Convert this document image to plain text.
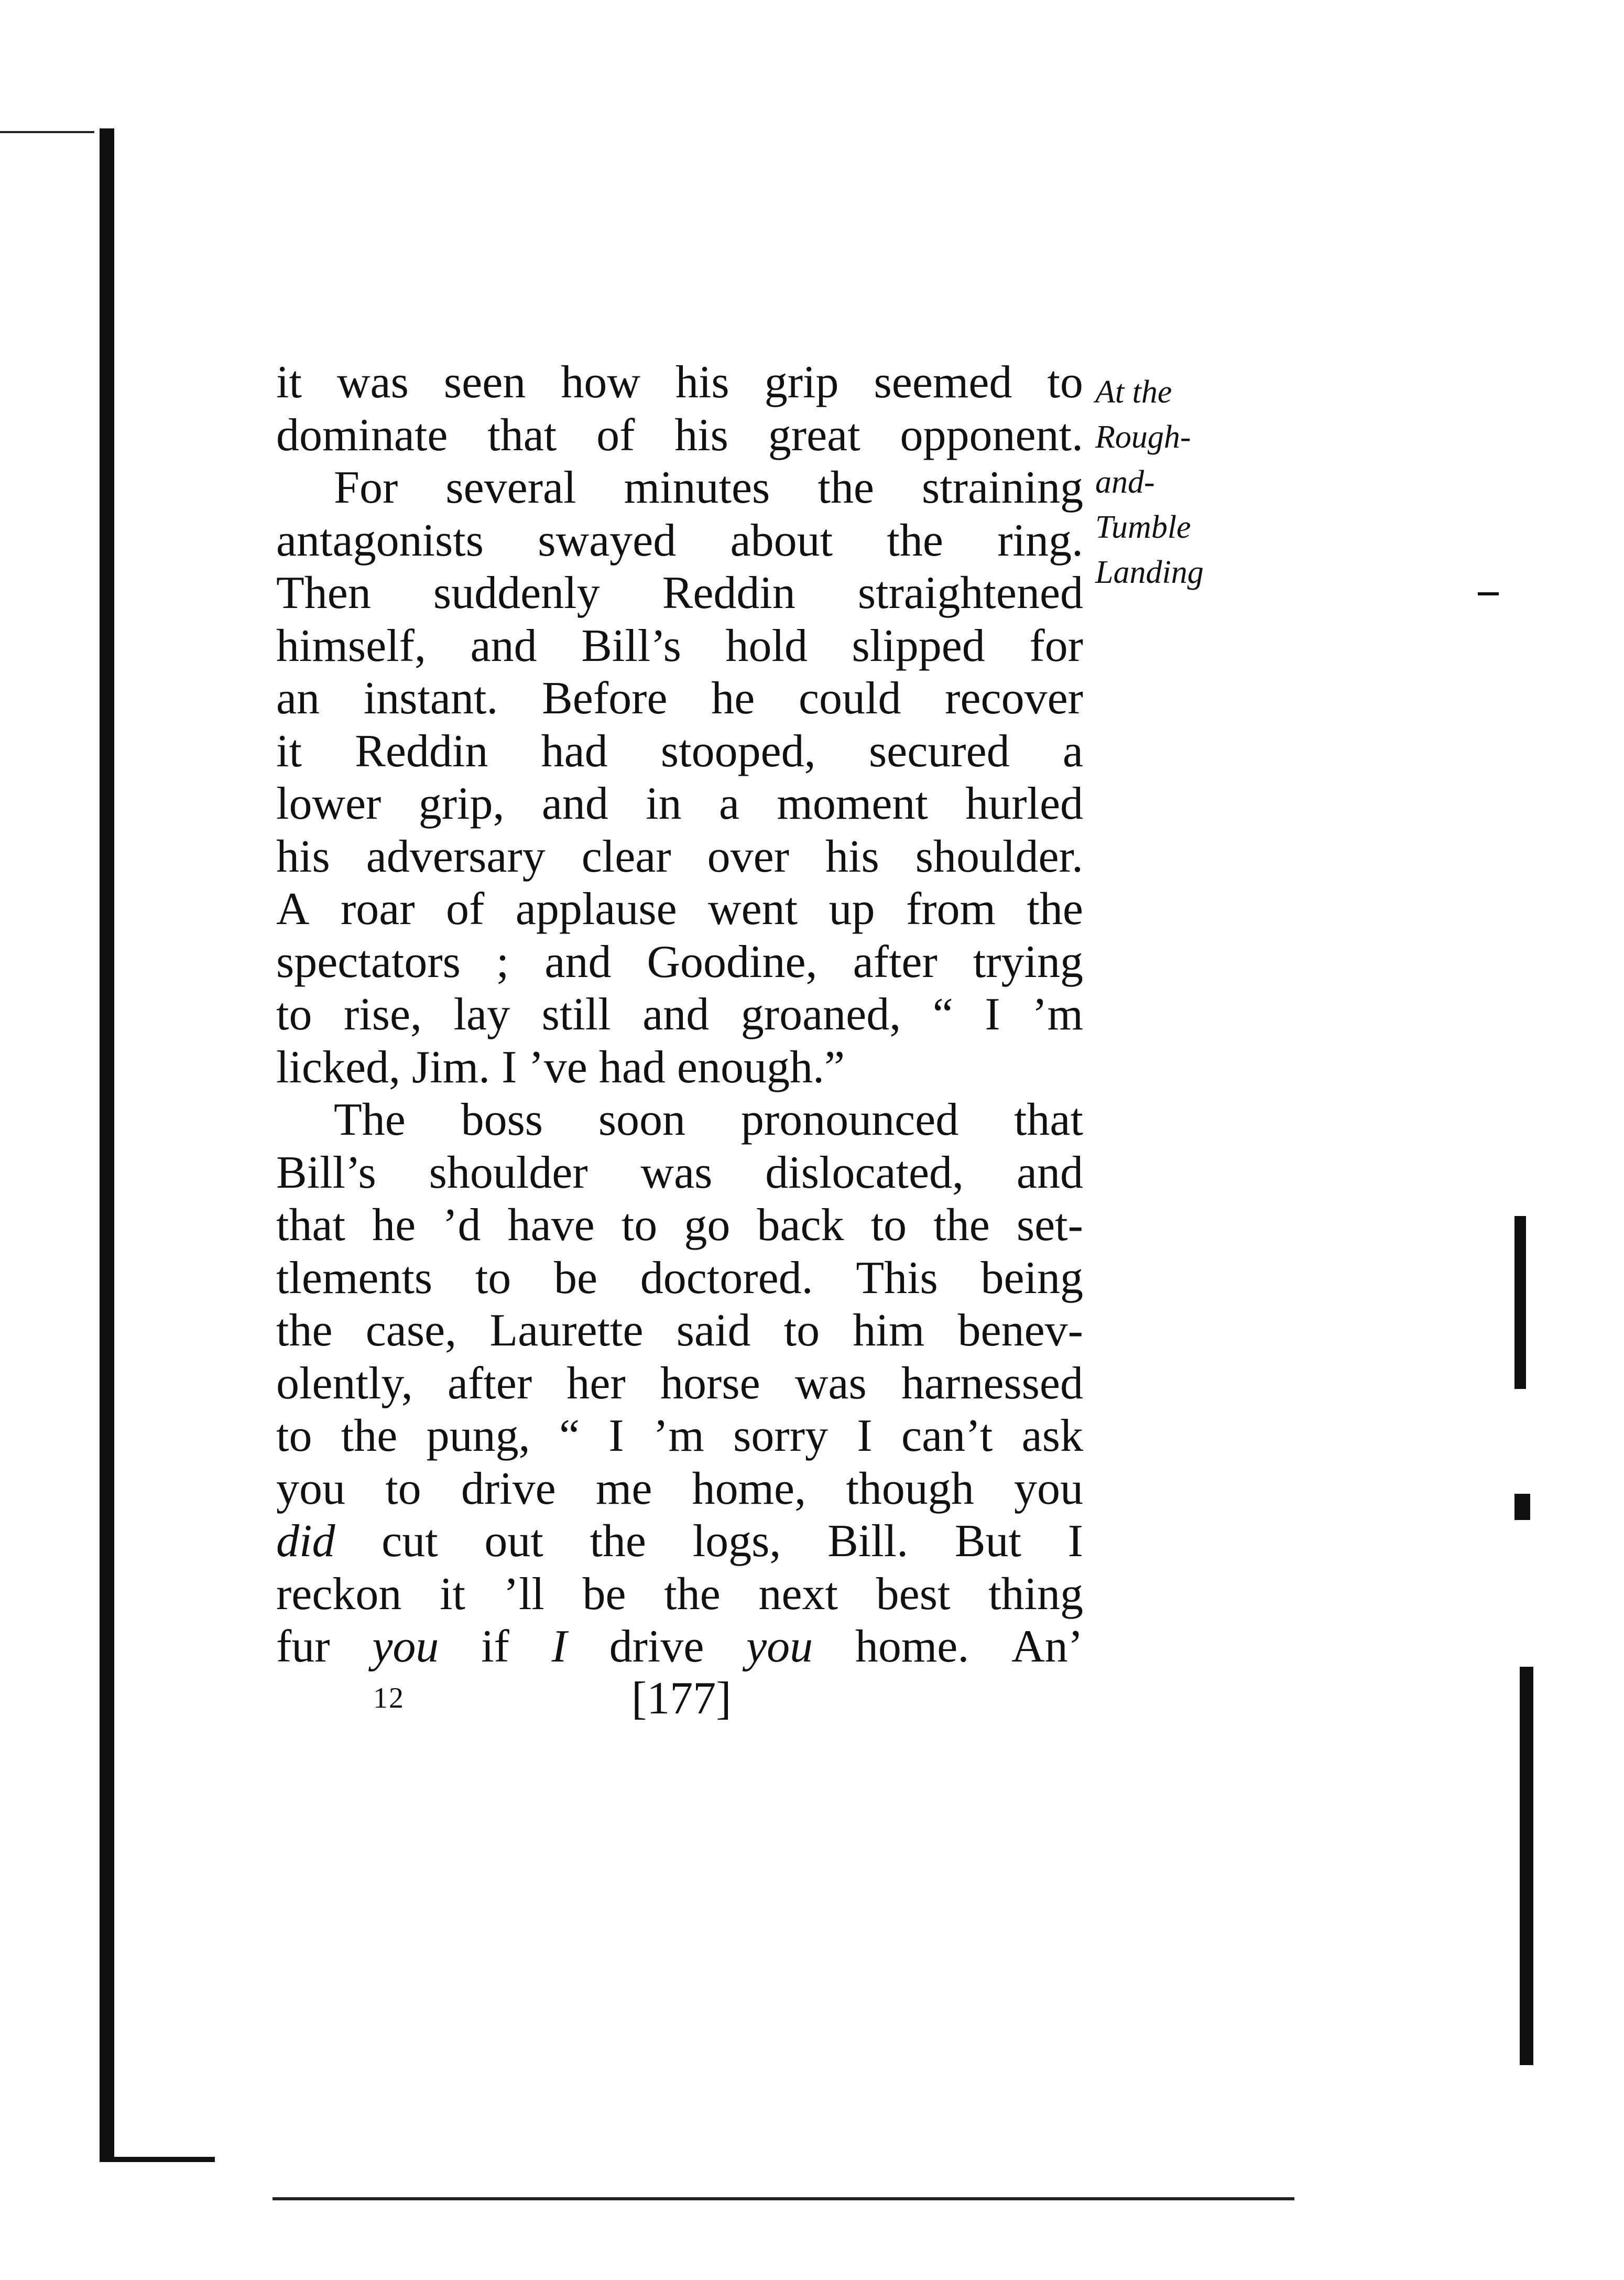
it was seen how his grip seemed to
dominate that of his great opponent.
For several minutes the straining
antagonists swayed about the ring.
Then suddenly Reddin straightened
himself, and Bill’s hold slipped for
an instant. Before he could recover
it Reddin had stooped, secured a
lower grip, and in a moment hurled
his adversary clear over his shoulder.
A roar of applause went up from the
spectators ; and Goodine, after trying
to rise, lay still and groaned, “ I ’m
licked, Jim. I ’ve had enough.”
The boss soon pronounced that
Bill’s shoulder was dislocated, and
that he ’d have to go back to the set-
tlements to be doctored. This being
the case, Laurette said to him benev-
olently, after her horse was harnessed
to the pung, “ I ’m sorry I can’t ask
you to drive me home, though you
did cut out the logs, Bill. But I
reckon it ’ll be the next best thing
fur you if I drive you home. An’
At the
Rough-
and-
Tumble
Landing
12	[177]
